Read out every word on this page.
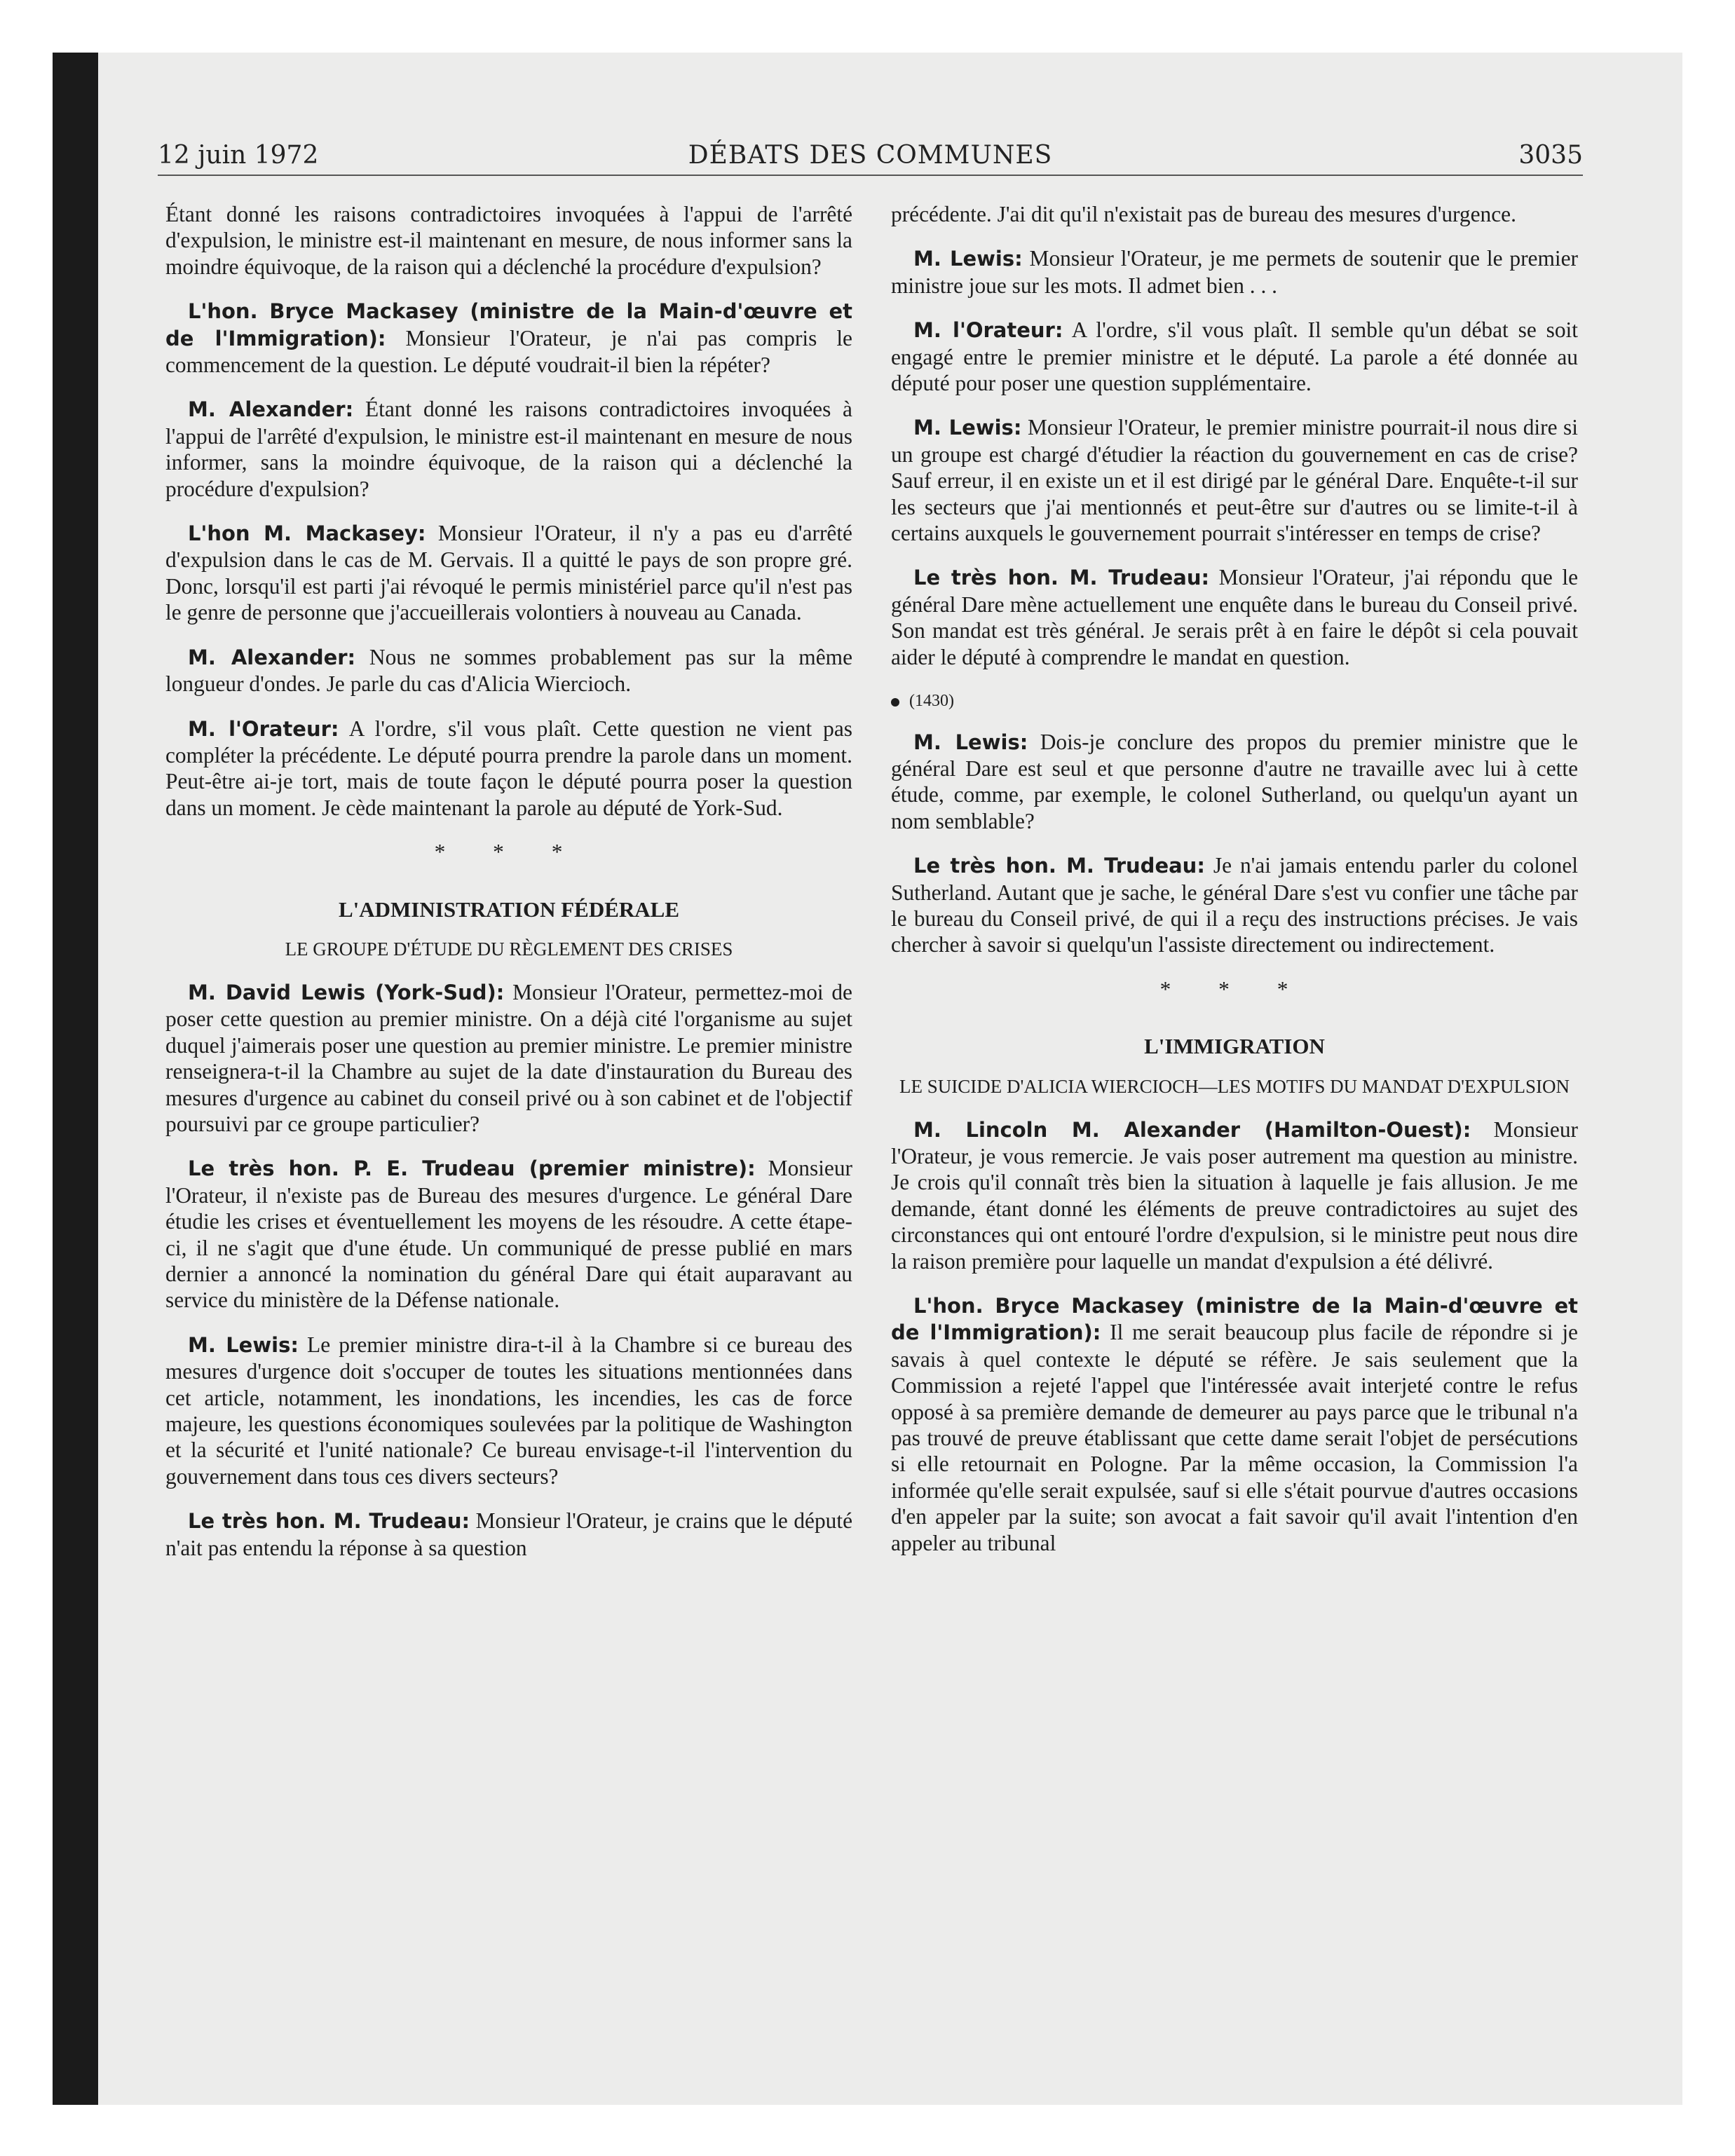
12 juin 1972	DÉBATS DES COMMUNES	3035

Étant donné les raisons contradictoires invoquées à l'appui de l'arrêté d'expulsion, le ministre est-il maintenant en mesure, de nous informer sans la moindre équivoque, de la raison qui a déclenché la procédure d'expulsion?

L'hon. Bryce Mackasey (ministre de la Main-d'œuvre et de l'Immigration): Monsieur l'Orateur, je n'ai pas compris le commencement de la question. Le député voudrait-il bien la répéter?

M. Alexander: Étant donné les raisons contradictoires invoquées à l'appui de l'arrêté d'expulsion, le ministre est-il maintenant en mesure de nous informer, sans la moindre équivoque, de la raison qui a déclenché la procédure d'expulsion?

L'hon M. Mackasey: Monsieur l'Orateur, il n'y a pas eu d'arrêté d'expulsion dans le cas de M. Gervais. Il a quitté le pays de son propre gré. Donc, lorsqu'il est parti j'ai révoqué le permis ministériel parce qu'il n'est pas le genre de personne que j'accueillerais volontiers à nouveau au Canada.

M. Alexander: Nous ne sommes probablement pas sur la même longueur d'ondes. Je parle du cas d'Alicia Wiercioch.

M. l'Orateur: A l'ordre, s'il vous plaît. Cette question ne vient pas compléter la précédente. Le député pourra prendre la parole dans un moment. Peut-être ai-je tort, mais de toute façon le député pourra poser la question dans un moment. Je cède maintenant la parole au député de York-Sud.

* * *
L'ADMINISTRATION FÉDÉRALE
LE GROUPE D'ÉTUDE DU RÈGLEMENT DES CRISES

M. David Lewis (York-Sud): Monsieur l'Orateur, permettez-moi de poser cette question au premier ministre. On a déjà cité l'organisme au sujet duquel j'aimerais poser une question au premier ministre. Le premier ministre renseignera-t-il la Chambre au sujet de la date d'instauration du Bureau des mesures d'urgence au cabinet du conseil privé ou à son cabinet et de l'objectif poursuivi par ce groupe particulier?

Le très hon. P. E. Trudeau (premier ministre): Monsieur l'Orateur, il n'existe pas de Bureau des mesures d'urgence. Le général Dare étudie les crises et éventuellement les moyens de les résoudre. A cette étape-ci, il ne s'agit que d'une étude. Un communiqué de presse publié en mars dernier a annoncé la nomination du général Dare qui était auparavant au service du ministère de la Défense nationale.

M. Lewis: Le premier ministre dira-t-il à la Chambre si ce bureau des mesures d'urgence doit s'occuper de toutes les situations mentionnées dans cet article, notamment, les inondations, les incendies, les cas de force majeure, les questions économiques soulevées par la politique de Washington et la sécurité et l'unité nationale? Ce bureau envisage-t-il l'intervention du gouvernement dans tous ces divers secteurs?

Le très hon. M. Trudeau: Monsieur l'Orateur, je crains que le député n'ait pas entendu la réponse à sa question

précédente. J'ai dit qu'il n'existait pas de bureau des mesures d'urgence.

M. Lewis: Monsieur l'Orateur, je me permets de soutenir que le premier ministre joue sur les mots. Il admet bien . . .

M. l'Orateur: A l'ordre, s'il vous plaît. Il semble qu'un débat se soit engagé entre le premier ministre et le député. La parole a été donnée au député pour poser une question supplémentaire.

M. Lewis: Monsieur l'Orateur, le premier ministre pourrait-il nous dire si un groupe est chargé d'étudier la réaction du gouvernement en cas de crise? Sauf erreur, il en existe un et il est dirigé par le général Dare. Enquête-t-il sur les secteurs que j'ai mentionnés et peut-être sur d'autres ou se limite-t-il à certains auxquels le gouvernement pourrait s'intéresser en temps de crise?

Le très hon. M. Trudeau: Monsieur l'Orateur, j'ai répondu que le général Dare mène actuellement une enquête dans le bureau du Conseil privé. Son mandat est très général. Je serais prêt à en faire le dépôt si cela pouvait aider le député à comprendre le mandat en question.

(1430)

M. Lewis: Dois-je conclure des propos du premier ministre que le général Dare est seul et que personne d'autre ne travaille avec lui à cette étude, comme, par exemple, le colonel Sutherland, ou quelqu'un ayant un nom semblable?

Le très hon. M. Trudeau: Je n'ai jamais entendu parler du colonel Sutherland. Autant que je sache, le général Dare s'est vu confier une tâche par le bureau du Conseil privé, de qui il a reçu des instructions précises. Je vais chercher à savoir si quelqu'un l'assiste directement ou indirectement.

* * *
L'IMMIGRATION
LE SUICIDE D'ALICIA WIERCIOCH—LES MOTIFS DU MANDAT D'EXPULSION

M. Lincoln M. Alexander (Hamilton-Ouest): Monsieur l'Orateur, je vous remercie. Je vais poser autrement ma question au ministre. Je crois qu'il connaît très bien la situation à laquelle je fais allusion. Je me demande, étant donné les éléments de preuve contradictoires au sujet des circonstances qui ont entouré l'ordre d'expulsion, si le ministre peut nous dire la raison première pour laquelle un mandat d'expulsion a été délivré.

L'hon. Bryce Mackasey (ministre de la Main-d'œuvre et de l'Immigration): Il me serait beaucoup plus facile de répondre si je savais à quel contexte le député se réfère. Je sais seulement que la Commission a rejeté l'appel que l'intéressée avait interjeté contre le refus opposé à sa première demande de demeurer au pays parce que le tribunal n'a pas trouvé de preuve établissant que cette dame serait l'objet de persécutions si elle retournait en Pologne. Par la même occasion, la Commission l'a informée qu'elle serait expulsée, sauf si elle s'était pourvue d'autres occasions d'en appeler par la suite; son avocat a fait savoir qu'il avait l'intention d'en appeler au tribunal
